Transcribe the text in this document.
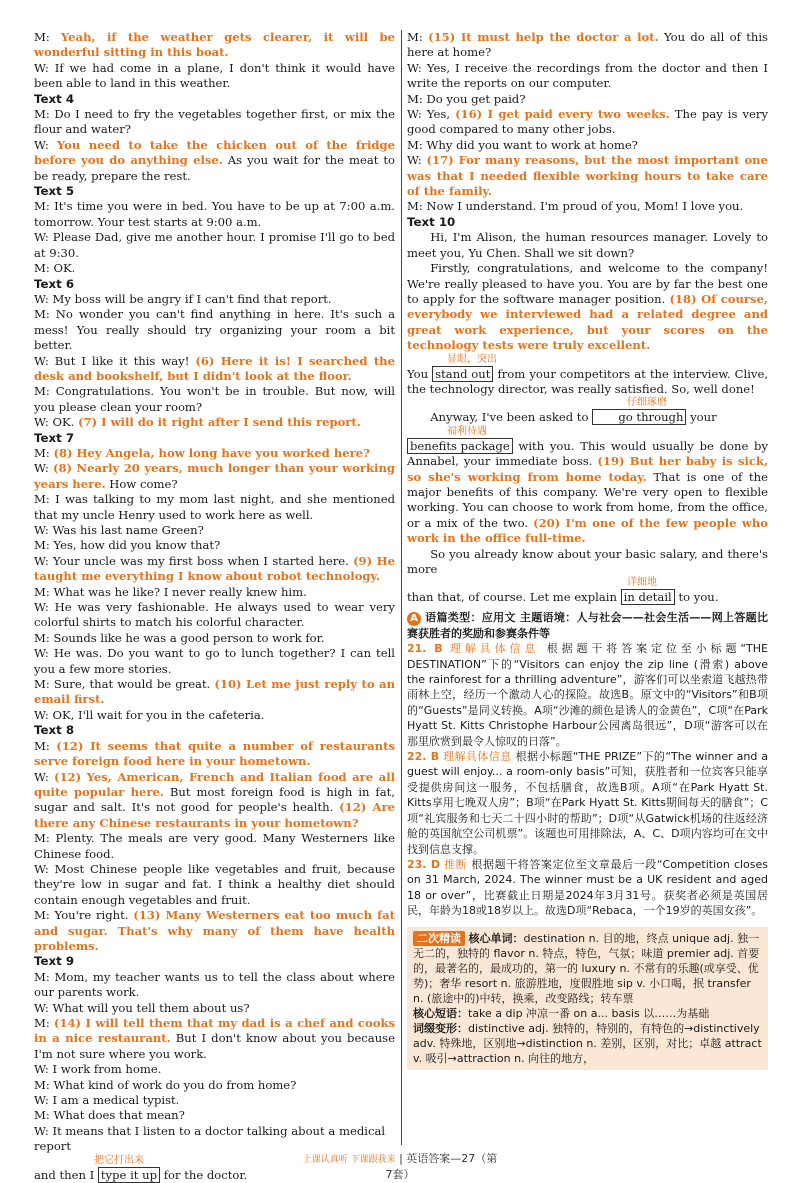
M: Yeah, if the weather gets clearer, it will be wonderful sitting in this boat.

W: If we had come in a plane, I don't think it would have been able to land in this weather.

Text 4

M: Do I need to fry the vegetables together first, or mix the flour and water?

W: You need to take the chicken out of the fridge before you do anything else. As you wait for the meat to be ready, prepare the rest.

Text 5

M: It's time you were in bed. You have to be up at 7:00 a.m. tomorrow. Your test starts at 9:00 a.m.

W: Please Dad, give me another hour. I promise I'll go to bed at 9:30.

M: OK.

Text 6

W: My boss will be angry if I can't find that report.

M: No wonder you can't find anything in here. It's such a mess! You really should try organizing your room a bit better.

W: But I like it this way! (6) Here it is! I searched the desk and bookshelf, but I didn't look at the floor.

M: Congratulations. You won't be in trouble. But now, will you please clean your room?

W: OK. (7) I will do it right after I send this report.

Text 7

M: (8) Hey Angela, how long have you worked here?

W: (8) Nearly 20 years, much longer than your working years here. How come?

M: I was talking to my mom last night, and she mentioned that my uncle Henry used to work here as well.

W: Was his last name Green?

M: Yes, how did you know that?

W: Your uncle was my first boss when I started here. (9) He taught me everything I know about robot technology.

M: What was he like? I never really knew him.

W: He was very fashionable. He always used to wear very colorful shirts to match his colorful character.

M: Sounds like he was a good person to work for.

W: He was. Do you want to go to lunch together? I can tell you a few more stories.

M: Sure, that would be great. (10) Let me just reply to an email first.

W: OK, I'll wait for you in the cafeteria.

Text 8

M: (12) It seems that quite a number of restaurants serve foreign food here in your hometown.

W: (12) Yes, American, French and Italian food are all quite popular here. But most foreign food is high in fat, sugar and salt. It's not good for people's health. (12) Are there any Chinese restaurants in your hometown?

M: Plenty. The meals are very good. Many Westerners like Chinese food.

W: Most Chinese people like vegetables and fruit, because they're low in sugar and fat. I think a healthy diet should contain enough vegetables and fruit.

M: You're right. (13) Many Westerners eat too much fat and sugar. That's why many of them have health problems.

Text 9

M: Mom, my teacher wants us to tell the class about where our parents work.

W: What will you tell them about us?

M: (14) I will tell them that my dad is a chef and cooks in a nice restaurant. But I don't know about you because I'm not sure where you work.

W: I work from home.

M: What kind of work do you do from home?

W: I am a medical typist.

M: What does that mean?

W: It means that I listen to a doctor talking about a medical report

把它打出来

and then I type it up for the doctor.

M: (15) It must help the doctor a lot. You do all of this here at home?

W: Yes, I receive the recordings from the doctor and then I write the reports on our computer.

M: Do you get paid?

W: Yes, (16) I get paid every two weeks. The pay is very good compared to many other jobs.

M: Why did you want to work at home?

W: (17) For many reasons, but the most important one was that I needed flexible working hours to take care of the family.

M: Now I understand. I'm proud of you, Mom! I love you.

Text 10

Hi, I'm Alison, the human resources manager. Lovely to meet you, Yu Chen. Shall we sit down?

Firstly, congratulations, and welcome to the company! We're really pleased to have you. You are by far the best one to apply for the software manager position. (18) Of course, everybody we interviewed had a related degree and great work experience, but your scores on the technology tests were truly excellent.

显眼，突出

You stand out from your competitors at the interview. Clive, the technology director, was really satisfied. So, well done!

仔细琢磨

Anyway, I've been asked to go through your

福利待遇

benefits package with you. This would usually be done by Annabel, your immediate boss. (19) But her baby is sick, so she's working from home today. That is one of the major benefits of this company. We're very open to flexible working. You can choose to work from home, from the office, or a mix of the two. (20) I'm one of the few people who work in the office full-time.

So you already know about your basic salary, and there's more

详细地

than that, of course. Let me explain in detail to you.

A 语篇类型：应用文 主题语境：人与社会——社会生活——网上答题比赛获胜者的奖励和参赛条件等

21. B 理解具体信息 根据题干将答案定位至小标题“THE DESTINATION”下的“Visitors can enjoy the zip line (滑索) above the rainforest for a thrilling adventure”，游客们可以坐索道飞越热带雨林上空，经历一个激动人心的探险。故选B。原文中的“Visitors”和B项的“Guests”是同义转换。A项“沙滩的颜色是诱人的金黄色”，C项“在Park Hyatt St. Kitts Christophe Harbour公园离岛很远”，D项“游客可以在那里欣赏到最令人惊叹的日落”。

22. B 理解具体信息 根据小标题“THE PRIZE”下的“The winner and a guest will enjoy... a room-only basis”可知，获胜者和一位宾客只能享受提供房间这一服务，不包括膳食，故选B项。A项“在Park Hyatt St. Kitts享用七晚双人房”；B项“在Park Hyatt St. Kitts期间每天的膳食”；C项“礼宾服务和七天二十四小时的帮助”；D项“从Gatwick机场的往返经济舱的英国航空公司机票”。该题也可用排除法，A、C、D项内容均可在文中找到信息支撑。

23. D 推断 根据题干将答案定位至文章最后一段“Competition closes on 31 March, 2024. The winner must be a UK resident and aged 18 or over”，比赛截止日期是2024年3月31号。获奖者必须是英国居民，年龄为18或18岁以上。故选D项“Rebaca，一个19岁的英国女孩”。

二次精读 核心单词：destination n. 目的地，终点 unique adj. 独一无二的，独特的 flavor n. 特点，特色，气氛；味道 premier adj. 首要的，最著名的，最成功的，第一的 luxury n. 不常有的乐趣(或享受、优势)；奢华 resort n. 旅游胜地，度假胜地 sip v. 小口喝，抿 transfer n. (旅途中的)中转，换乘，改变路线；转车票
核心短语：take a dip 冲凉一番 on a... basis 以……为基础
词缀变形：distinctive adj. 独特的，特别的，有特色的→distinctively adv. 特殊地，区别地→distinction n. 差别，区别，对比；卓越 attract v. 吸引→attraction n. 向往的地方，
上课认真听 下课跟我来 | 英语答案—27（第7套）
